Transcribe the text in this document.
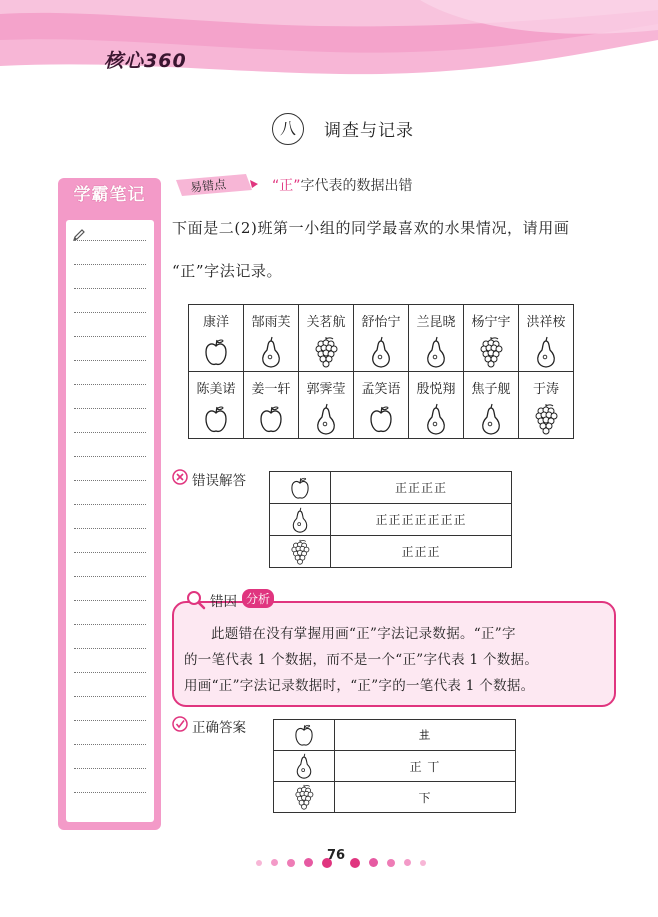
核心360
八	调查与记录
学霸笔记	易错点	“正”字代表的数据出错
下面是二(2)班第一小组的同学最喜欢的水果情况，请用画
“正”字法记录。
康洋	郜雨芙	关茗航	舒怡宁	兰昆晓	杨宁宇	洪祥桉

陈美诺	姜一轩	郭霁莹	孟笑语	殷悦翔	焦子舰	于涛
错误解答
		正正正正

	正正正正正正正

	正正正
错因 分析
此题错在没有掌握用画“正”字法记录数据。“正”字
的一笔代表 1 个数据，而不是一个“正”字代表 1 个数据。
用画“正”字法记录数据时，“正”字的一笔代表 1 个数据。
正确答案
		𠀎

	正 丅

	下

76
